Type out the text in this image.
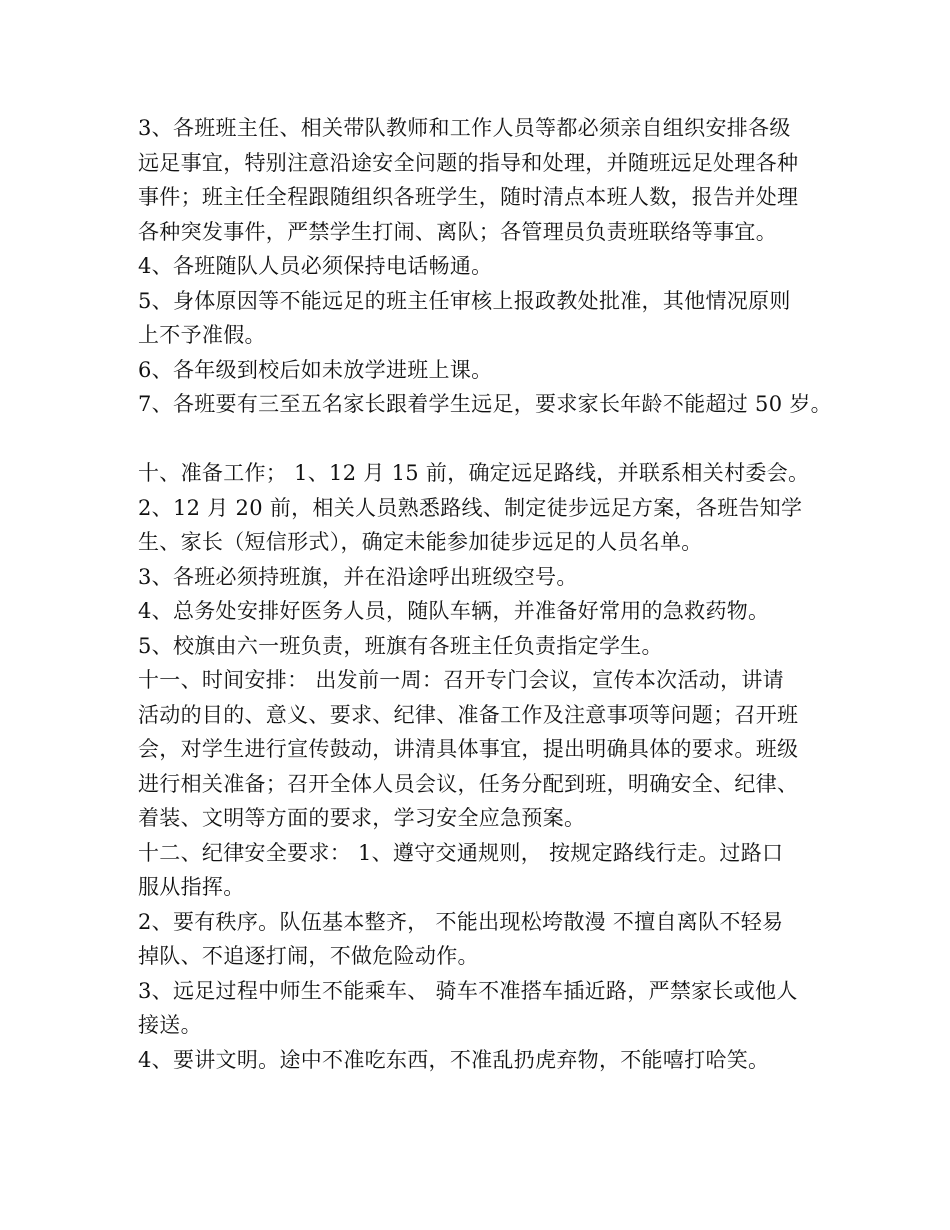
3、各班班主任、相关带队教师和工作人员等都必须亲自组织安排各级
远足事宜，特别注意沿途安全问题的指导和处理，并随班远足处理各种
事件；班主任全程跟随组织各班学生，随时清点本班人数，报告并处理
各种突发事件，严禁学生打闹、离队；各管理员负责班联络等事宜。
4、各班随队人员必须保持电话畅通。
5、身体原因等不能远足的班主任审核上报政教处批准，其他情况原则
上不予准假。
6、各年级到校后如未放学进班上课。
7、各班要有三至五名家长跟着学生远足，要求家长年龄不能超过 50 岁。
十、准备工作； 1、12 月 15 前，确定远足路线，并联系相关村委会。
2、12 月 20 前，相关人员熟悉路线、制定徒步远足方案，各班告知学
生、家长（短信形式），确定未能参加徒步远足的人员名单。
3、各班必须持班旗，并在沿途呼出班级空号。
4、总务处安排好医务人员，随队车辆，并准备好常用的急救药物。
5、校旗由六一班负责，班旗有各班主任负责指定学生。
十一、时间安排： 出发前一周：召开专门会议，宣传本次活动，讲请
活动的目的、意义、要求、纪律、准备工作及注意事项等问题；召开班
会，对学生进行宣传鼓动，讲清具体事宜，提出明确具体的要求。班级
进行相关准备；召开全体人员会议，任务分配到班，明确安全、纪律、
着装、文明等方面的要求，学习安全应急预案。
十二、纪律安全要求： 1、遵守交通规则， 按规定路线行走。过路口
服从指挥。
2、要有秩序。队伍基本整齐， 不能出现松垮散漫 不擅自离队不轻易
掉队、不追逐打闹，不做危险动作。
3、远足过程中师生不能乘车、 骑车不准搭车插近路，严禁家长或他人
接送。
4、要讲文明。途中不准吃东西，不准乱扔虎弃物，不能嘻打哈笑。
